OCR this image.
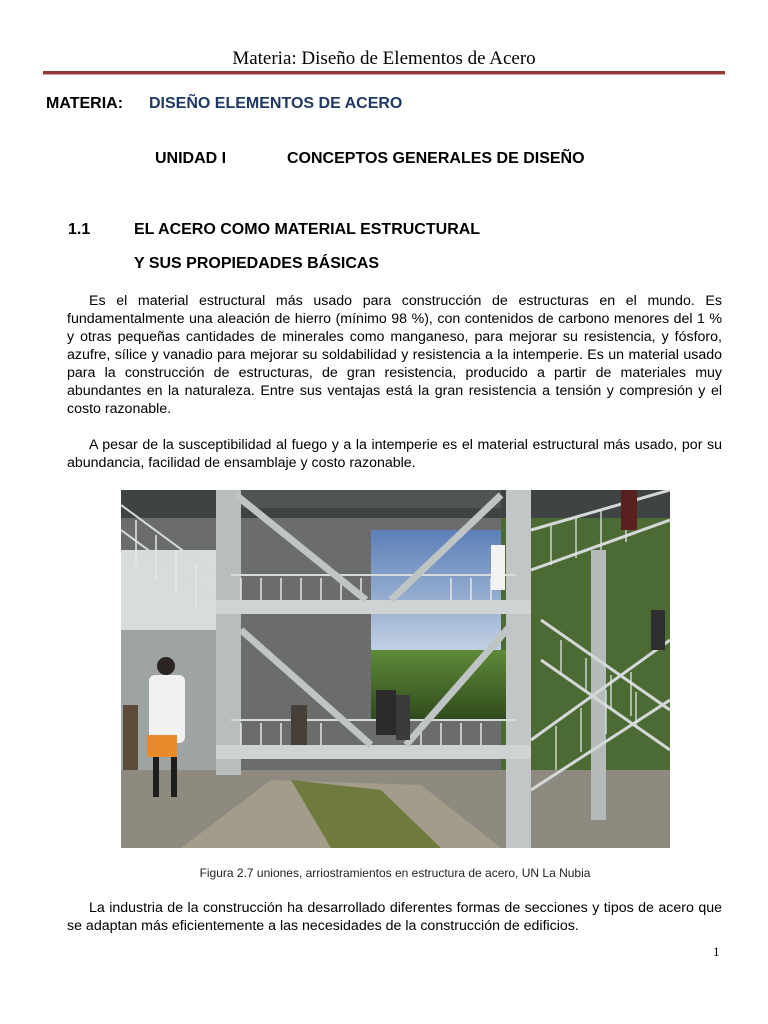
Materia: Diseño de Elementos de Acero
MATERIA: DISEÑO ELEMENTOS DE ACERO
UNIDAD I	CONCEPTOS GENERALES DE DISEÑO
1.1	EL ACERO COMO MATERIAL ESTRUCTURAL
Y SUS PROPIEDADES BÁSICAS

Es el material estructural más usado para construcción de estructuras en el mundo. Es fundamentalmente una aleación de hierro (mínimo 98 %), con contenidos de carbono menores del 1 % y otras pequeñas cantidades de minerales como manganeso, para mejorar su resistencia, y fósforo, azufre, sílice y vanadio para mejorar su soldabilidad y resistencia a la intemperie. Es un material usado para la construcción de estructuras, de gran resistencia, producido a partir de materiales muy abundantes en la naturaleza. Entre sus ventajas está la gran resistencia a tensión y compresión y el costo razonable.

A pesar de la susceptibilidad al fuego y a la intemperie es el material estructural más usado, por su abundancia, facilidad de ensamblaje y costo razonable.

Figura 2.7 uniones, arriostramientos en estructura de acero, UN La Nubia

La industria de la construcción ha desarrollado diferentes formas de secciones y tipos de acero que se adaptan más eficientemente a las necesidades de la construcción de edificios.

1
